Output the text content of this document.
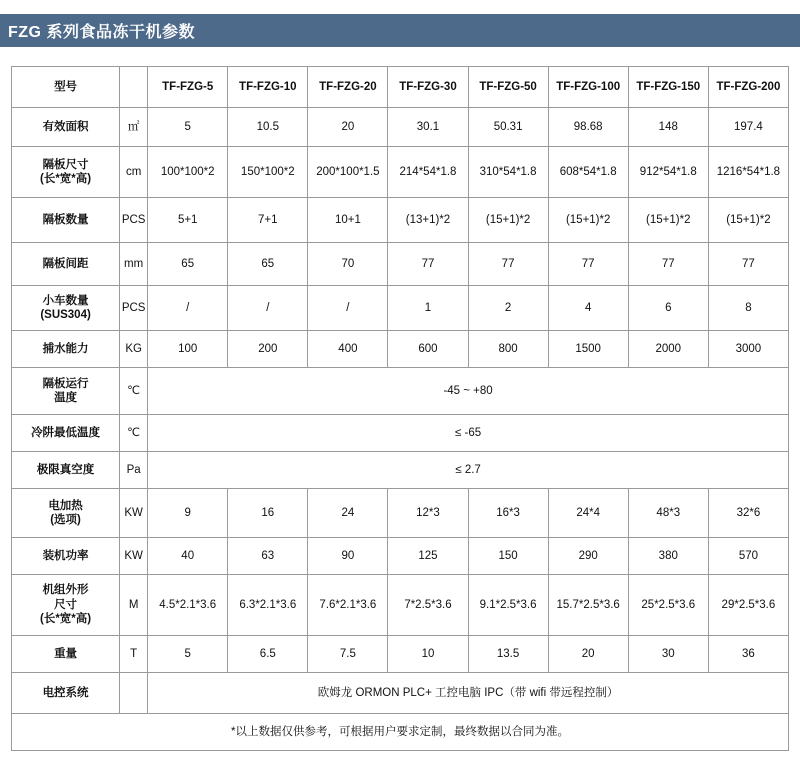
FZG 系列食品冻干机参数
型号		TF-FZG-5	TF-FZG-10	TF-FZG-20	TF-FZG-30	TF-FZG-50	TF-FZG-100	TF-FZG-150	TF-FZG-200
有效面积	㎡	5	10.5	20	30.1	50.31	98.68	148	197.4

隔板尺寸
(长*宽*高)	cm	100*100*2	150*100*2	200*100*1.5	214*54*1.8	310*54*1.8	608*54*1.8	912*54*1.8	1216*54*1.8
隔板数量	PCS	5+1	7+1	10+1	(13+1)*2	(15+1)*2	(15+1)*2	(15+1)*2	(15+1)*2
隔板间距	mm	65	65	70	77	77	77	77	77

小车数量
(SUS304)	PCS	/	/	/	1	2	4	6	8
捕水能力	KG	100	200	400	600	800	1500	2000	3000

隔板运行
温度	℃	-45 ~ +80							
冷阱最低温度	℃	≤ -65							
极限真空度	Pa	≤ 2.7							

电加热
(选项)	KW	9	16	24	12*3	16*3	24*4	48*3	32*6
装机功率	KW	40	63	90	125	150	290	380	570

机组外形
尺寸
(长*宽*高)	M	4.5*2.1*3.6	6.3*2.1*3.6	7.6*2.1*3.6	7*2.5*3.6	9.1*2.5*3.6	15.7*2.5*3.6	25*2.5*3.6	29*2.5*3.6
重量	T	5	6.5	7.5	10	13.5	20	30	36
电控系统		欧姆龙 ORMON PLC+ 工控电脑 IPC（带 wifi 带远程控制）							
*以上数据仅供参考，可根据用户要求定制，最终数据以合同为准。									
